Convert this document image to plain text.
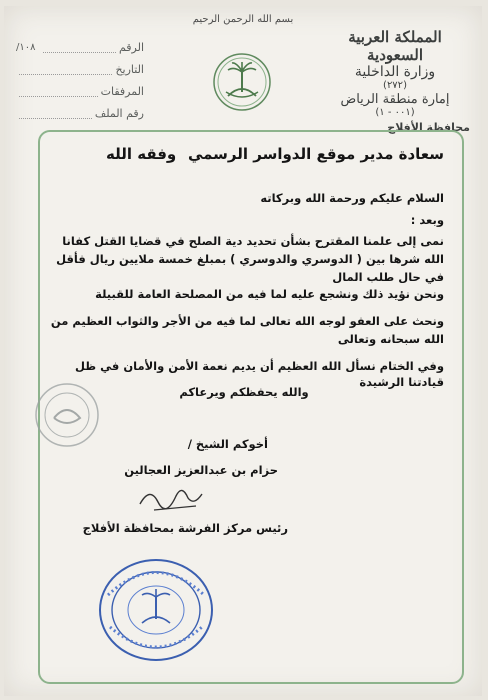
المملكة العربية السعودية
وزارة الداخلية
(٢٧٢)
إمارة منطقة الرياض
(٠٠١ - ١)
محافظة الأفلاج
بسم الله الرحمن الرحيم
الرقم
١٠٨/
التاريخ
المرفقات
رقم الملف
سعادة مدير موقع الدواسر الرسمي
وفقه الله
السلام عليكم ورحمة الله وبركاته
وبعد :
نمى إلى علمنا المقترح بشأن تحديد دية الصلح في قضايا القتل كفانا الله شرها بين ( الدوسري والدوسري ) بمبلغ خمسة ملايين ريال فأقل في حال طلب المال
ونحن نؤيد ذلك ونشجع عليه لما فيه من المصلحة العامة للقبيلة
ونحث على العفو لوجه الله تعالى لما فيه من الأجر والثواب العظيم من الله سبحانه وتعالى
وفي الختام نسأل الله العظيم أن يديم نعمة الأمن والأمان في ظل قيادتنا الرشيدة
والله يحفظكم ويرعاكم
أخوكم الشيخ /
حزام بن عبدالعزيز العجالين
رئيس مركز الفرشة بمحافظة الأفلاج
